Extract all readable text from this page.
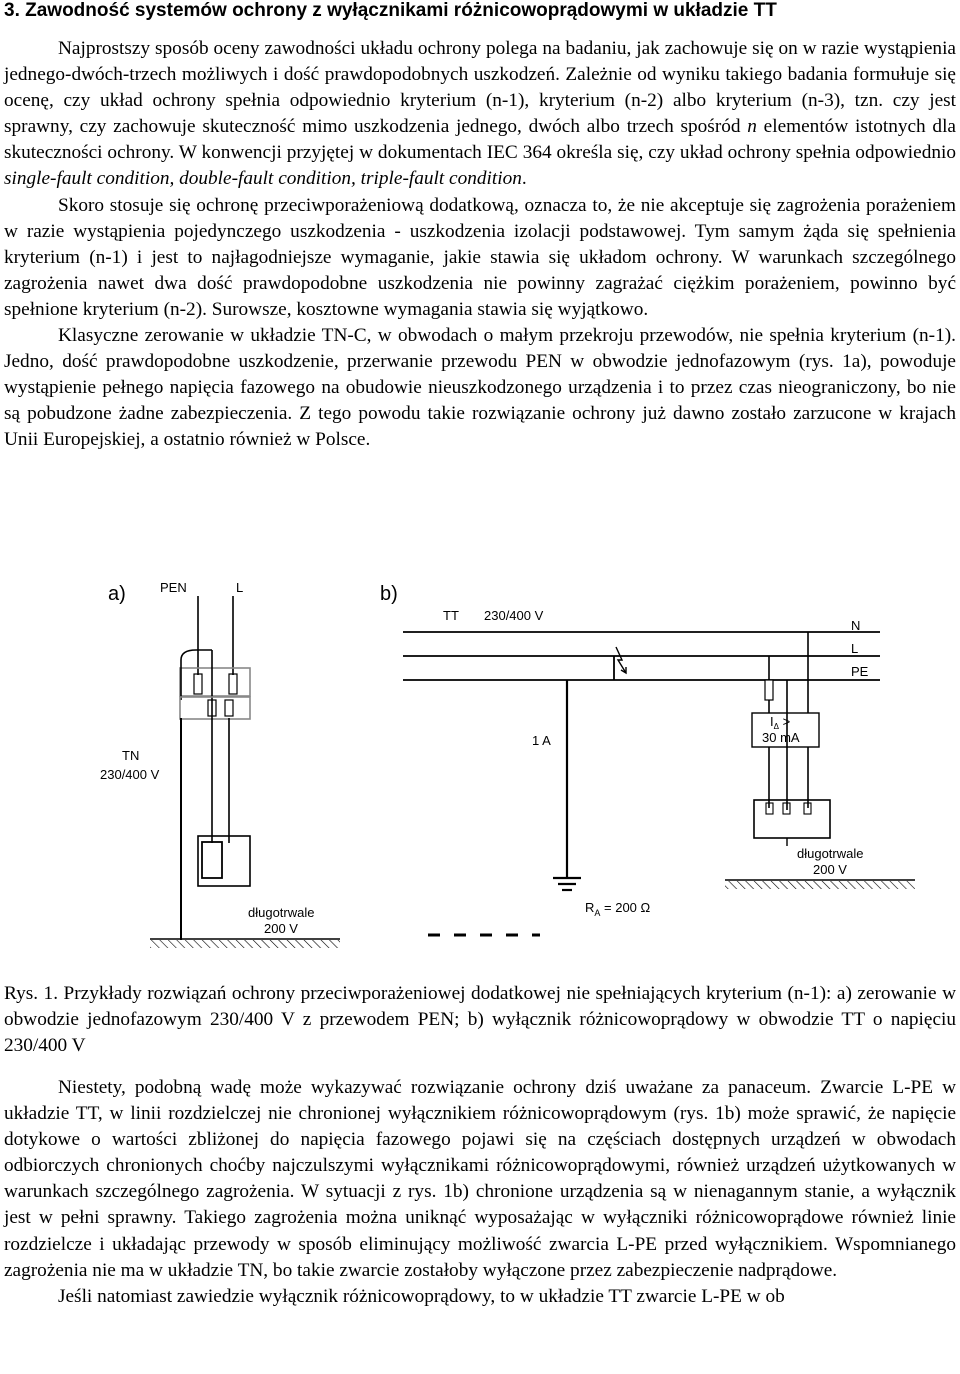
3. Zawodność systemów ochrony z wyłącznikami różnicowoprądowymi w układzie TT

Najprostszy sposób oceny zawodności układu ochrony polega na badaniu, jak zachowuje się on w razie wystąpienia jednego-dwóch-trzech możliwych i dość prawdopodobnych uszkodzeń. Zależnie od wyniku takiego badania formułuje się ocenę, czy układ ochrony spełnia odpowiednio kryterium (n-1), kryterium (n-2) albo kryterium (n-3), tzn. czy jest sprawny, czy zachowuje skuteczność mimo uszkodzenia jednego, dwóch albo trzech spośród n elementów istotnych dla skuteczności ochrony. W konwencji przyjętej w dokumentach IEC 364 określa się, czy układ ochrony spełnia odpowiednio single-fault condition, double-fault condition, triple-fault condition.

Skoro stosuje się ochronę przeciwporażeniową dodatkową, oznacza to, że nie akceptuje się zagrożenia porażeniem w razie wystąpienia pojedynczego uszkodzenia - uszkodzenia izolacji podstawowej. Tym samym żąda się spełnienia kryterium (n-1) i jest to najłagodniejsze wymaganie, jakie stawia się układom ochrony. W warunkach szczególnego zagrożenia nawet dwa dość prawdopodobne uszkodzenia nie powinny zagrażać ciężkim porażeniem, powinno być spełnione kryterium (n-2). Surowsze, kosztowne wymagania stawia się wyjątkowo.

Klasyczne zerowanie w układzie TN-C, w obwodach o małym przekroju przewodów, nie spełnia kryterium (n-1). Jedno, dość prawdopodobne uszkodzenie, przerwanie przewodu PEN w obwodzie jednofazowym (rys. 1a), powoduje wystąpienie pełnego napięcia fazowego na obudowie nieuszkodzonego urządzenia i to przez czas nieograniczony, bo nie są pobudzone żadne zabezpieczenia. Z tego powodu takie rozwiązanie ochrony już dawno zostało zarzucone w krajach Unii Europejskiej, a ostatnio również w Polsce.

a)	PEN	L
TN
230/400 V
długotrwale
200 V
b)
TT 230/400 V
N
L
PE
1 A
$R_A = 200$ Ω
$I_\Delta$ >
30 mA
długotrwale
200 V

Rys. 1. Przykłady rozwiązań ochrony przeciwporażeniowej dodatkowej nie spełniających kryterium (n-1): a) zerowanie w obwodzie jednofazowym 230/400 V z przewodem PEN; b) wyłącznik różnicowoprądowy w obwodzie TT o napięciu 230/400 V

Niestety, podobną wadę może wykazywać rozwiązanie ochrony dziś uważane za panaceum. Zwarcie L-PE w układzie TT, w linii rozdzielczej nie chronionej wyłącznikiem różnicowoprądowym (rys. 1b) może sprawić, że napięcie dotykowe o wartości zbliżonej do napięcia fazowego pojawi się na częściach dostępnych urządzeń w obwodach odbiorczych chronionych choćby najczulszymi wyłącznikami różnicowoprądowymi, również urządzeń użytkowanych w warunkach szczególnego zagrożenia. W sytuacji z rys. 1b) chronione urządzenia są w nienagannym stanie, a wyłącznik jest w pełni sprawny. Takiego zagrożenia można uniknąć wyposażając w wyłączniki różnicowoprądowe również linie rozdzielcze i układając przewody w sposób eliminujący możliwość zwarcia L-PE przed wyłącznikiem. Wspomnianego zagrożenia nie ma w układzie TN, bo takie zwarcie zostałoby wyłączone przez zabezpieczenie nadprądowe.

Jeśli natomiast zawiedzie wyłącznik różnicowoprądowy, to w układzie TT zwarcie L-PE w ob
